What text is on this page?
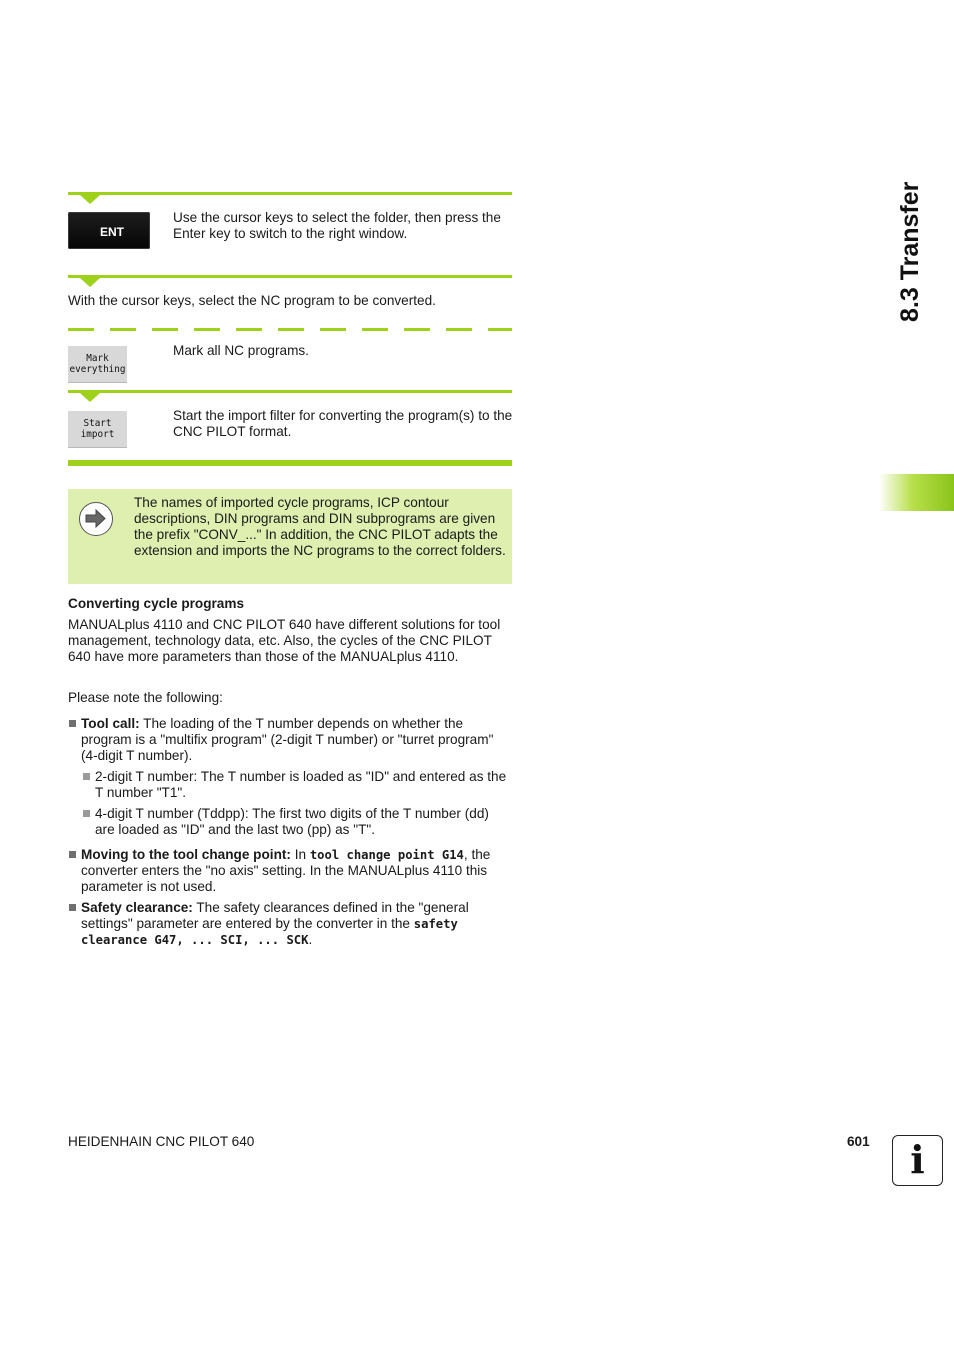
8.3 Transfer
ENT
Use the cursor keys to select the folder, then press the Enter key to switch to the right window.
With the cursor keys, select the NC program to be converted.
Mark
everything
Mark all NC programs.
Start
import
Start the import filter for converting the program(s) to the CNC PILOT format.
The names of imported cycle programs, ICP contour descriptions, DIN programs and DIN subprograms are given the prefix "CONV_..." In addition, the CNC PILOT adapts the extension and imports the NC programs to the correct folders.
Converting cycle programs
MANUALplus 4110 and CNC PILOT 640 have different solutions for tool management, technology data, etc. Also, the cycles of the CNC PILOT 640 have more parameters than those of the MANUALplus 4110.
Please note the following:
Tool call: The loading of the T number depends on whether the program is a "multifix program" (2-digit T number) or "turret program" (4-digit T number).
2-digit T number: The T number is loaded as "ID" and entered as the T number "T1".
4-digit T number (Tddpp): The first two digits of the T number (dd) are loaded as "ID" and the last two (pp) as "T".
Moving to the tool change point: In tool change point G14, the converter enters the "no axis" setting. In the MANUALplus 4110 this parameter is not used.
Safety clearance: The safety clearances defined in the "general settings" parameter are entered by the converter in the safety clearance G47, ... SCI, ... SCK.
HEIDENHAIN CNC PILOT 640	601	i
